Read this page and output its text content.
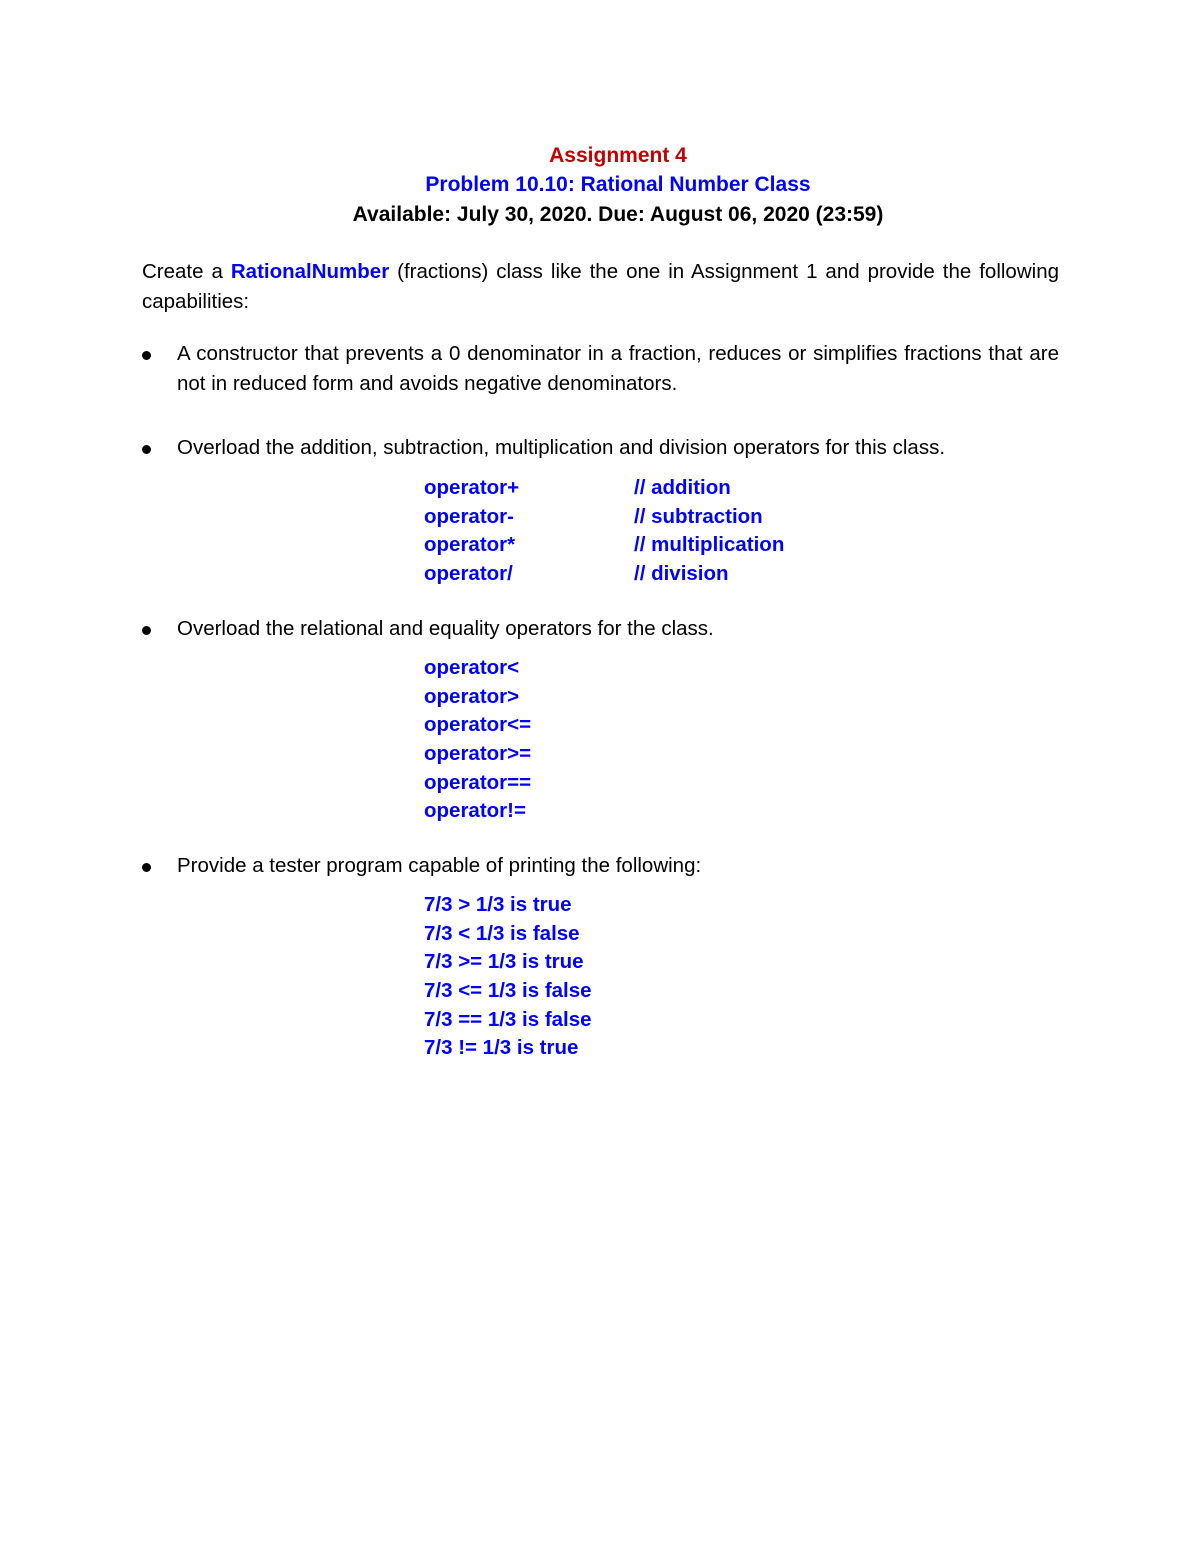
Assignment 4
Problem 10.10: Rational Number Class
Available: July 30, 2020. Due: August 06, 2020 (23:59)
Create a RationalNumber (fractions) class like the one in Assignment 1 and provide the following capabilities:
A constructor that prevents a 0 denominator in a fraction, reduces or simplifies fractions that are not in reduced form and avoids negative denominators.
Overload the addition, subtraction, multiplication and division operators for this class.
operator+	// addition
operator-	// subtraction
operator*	// multiplication
operator/	// division
Overload the relational and equality operators for the class.
operator<
operator>
operator<=
operator>=
operator==
operator!=
Provide a tester program capable of printing the following:
7/3 > 1/3 is true
7/3 < 1/3 is false
7/3 >= 1/3 is true
7/3 <= 1/3 is false
7/3 == 1/3 is false
7/3 != 1/3 is true
